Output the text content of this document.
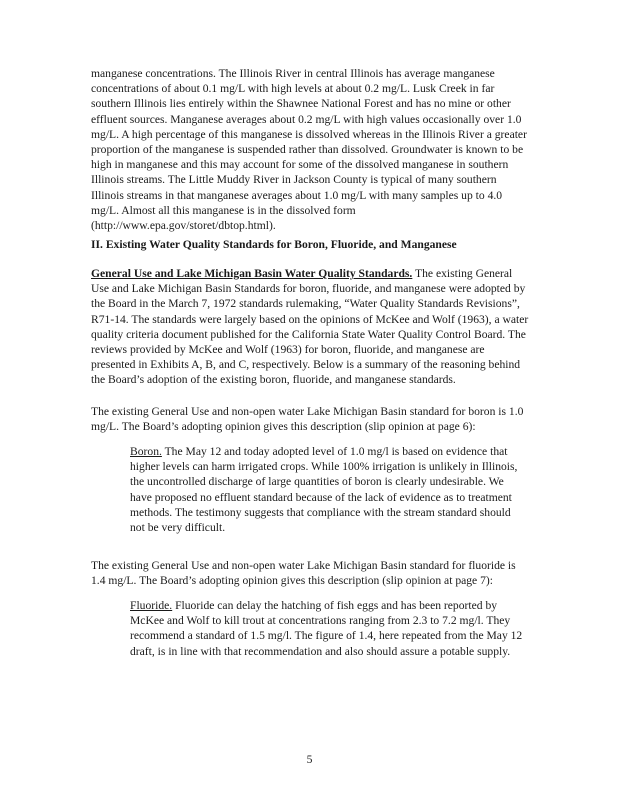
manganese concentrations. The Illinois River in central Illinois has average manganese concentrations of about 0.1 mg/L with high levels at about 0.2 mg/L. Lusk Creek in far southern Illinois lies entirely within the Shawnee National Forest and has no mine or other effluent sources. Manganese averages about 0.2 mg/L with high values occasionally over 1.0 mg/L. A high percentage of this manganese is dissolved whereas in the Illinois River a greater proportion of the manganese is suspended rather than dissolved. Groundwater is known to be high in manganese and this may account for some of the dissolved manganese in southern Illinois streams. The Little Muddy River in Jackson County is typical of many southern Illinois streams in that manganese averages about 1.0 mg/L with many samples up to 4.0 mg/L. Almost all this manganese is in the dissolved form (http://www.epa.gov/storet/dbtop.html).

II. Existing Water Quality Standards for Boron, Fluoride, and Manganese

General Use and Lake Michigan Basin Water Quality Standards. The existing General Use and Lake Michigan Basin Standards for boron, fluoride, and manganese were adopted by the Board in the March 7, 1972 standards rulemaking, “Water Quality Standards Revisions”, R71-14. The standards were largely based on the opinions of McKee and Wolf (1963), a water quality criteria document published for the California State Water Quality Control Board. The reviews provided by McKee and Wolf (1963) for boron, fluoride, and manganese are presented in Exhibits A, B, and C, respectively. Below is a summary of the reasoning behind the Board’s adoption of the existing boron, fluoride, and manganese standards.

The existing General Use and non-open water Lake Michigan Basin standard for boron is 1.0 mg/L. The Board’s adopting opinion gives this description (slip opinion at page 6):

Boron. The May 12 and today adopted level of 1.0 mg/l is based on evidence that higher levels can harm irrigated crops. While 100% irrigation is unlikely in Illinois, the uncontrolled discharge of large quantities of boron is clearly undesirable. We have proposed no effluent standard because of the lack of evidence as to treatment methods. The testimony suggests that compliance with the stream standard should not be very difficult.

The existing General Use and non-open water Lake Michigan Basin standard for fluoride is 1.4 mg/L. The Board’s adopting opinion gives this description (slip opinion at page 7):

Fluoride. Fluoride can delay the hatching of fish eggs and has been reported by McKee and Wolf to kill trout at concentrations ranging from 2.3 to 7.2 mg/l. They recommend a standard of 1.5 mg/l. The figure of 1.4, here repeated from the May 12 draft, is in line with that recommendation and also should assure a potable supply.

5
